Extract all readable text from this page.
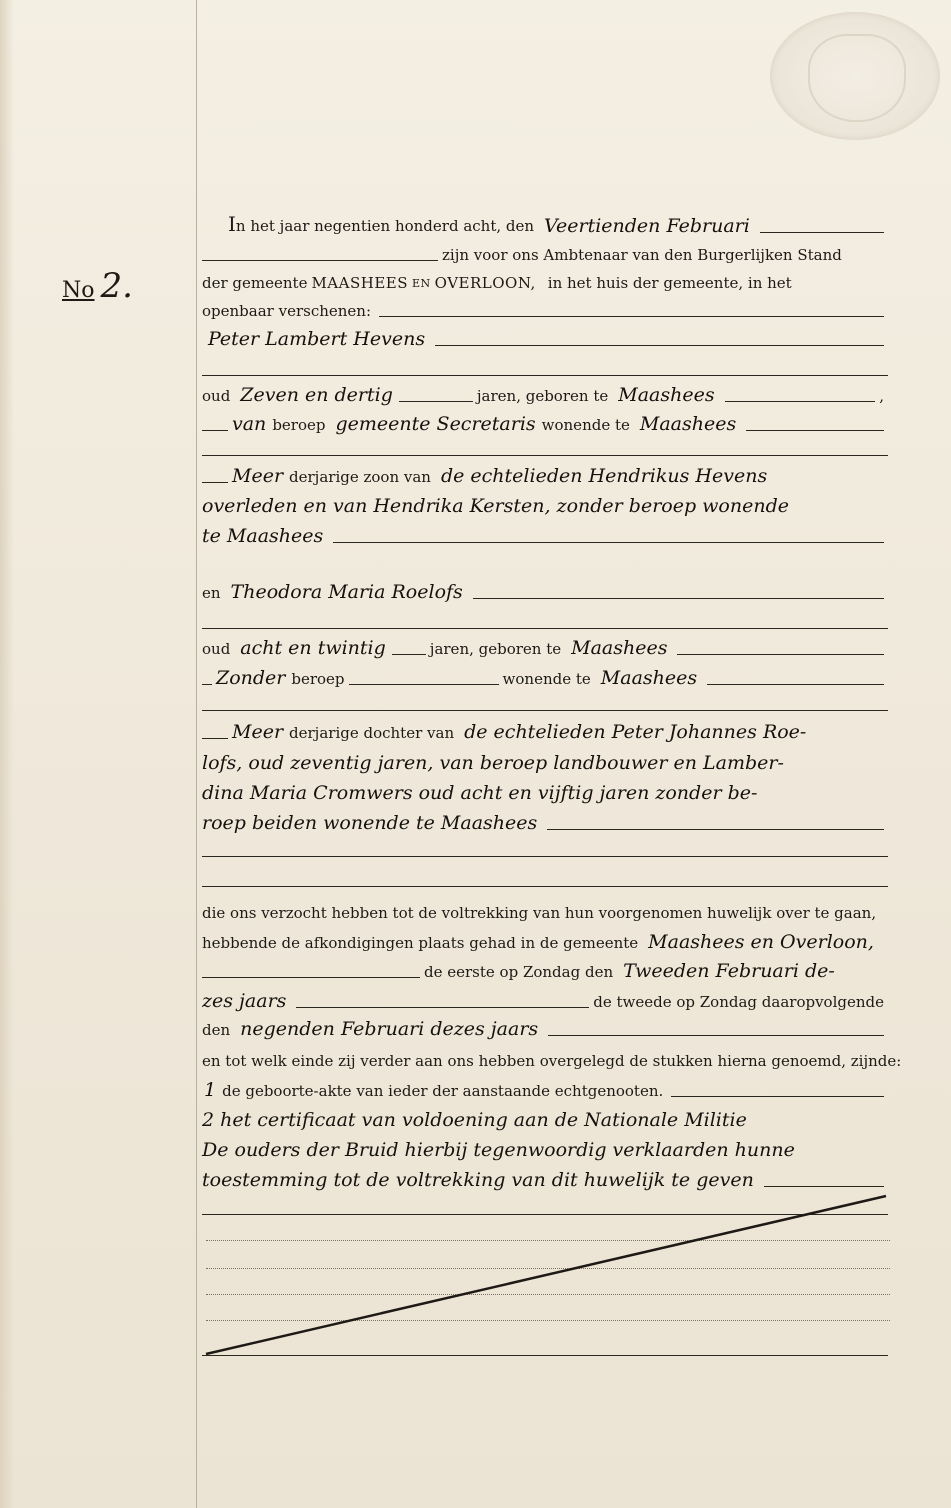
No 2.
In het jaar negentien honderd acht, den Veertienden Februari
zijn voor ons Ambtenaar van den Burgerlijken Stand
der gemeente MAASHEES EN OVERLOON, in het huis der gemeente, in het
openbaar verschenen:
Peter Lambert Hevens
oud Zeven en dertig	jaren, geboren te Maashees	,
van beroep gemeente Secretaris wonende te Maashees
Meer derjarige zoon van de echtelieden Hendrikus Hevens
overleden en van Hendrika Kersten, zonder beroep wonende
te Maashees
en Theodora Maria Roelofs
oud acht en twintig	jaren, geboren te Maashees
Zonder beroep	wonende te Maashees
Meer derjarige dochter van de echtelieden Peter Johannes Roe-
lofs, oud zeventig jaren, van beroep landbouwer en Lamber-
dina Maria Cromwers oud acht en vijftig jaren zonder be-
roep beiden wonende te Maashees
die ons verzocht hebben tot de voltrekking van hun voorgenomen huwelijk over te gaan,
hebbende de afkondigingen plaats gehad in de gemeente Maashees en Overloon,
de eerste op Zondag den Tweeden Februari de-
zes jaars	de tweede op Zondag daaropvolgende
den negenden Februari dezes jaars
en tot welk einde zij verder aan ons hebben overgelegd de stukken hierna genoemd, zijnde:
1 de geboorte-akte van ieder der aanstaande echtgenooten.
2 het certificaat van voldoening aan de Nationale Militie
De ouders der Bruid hierbij tegenwoordig verklaarden hunne
toestemming tot de voltrekking van dit huwelijk te geven
